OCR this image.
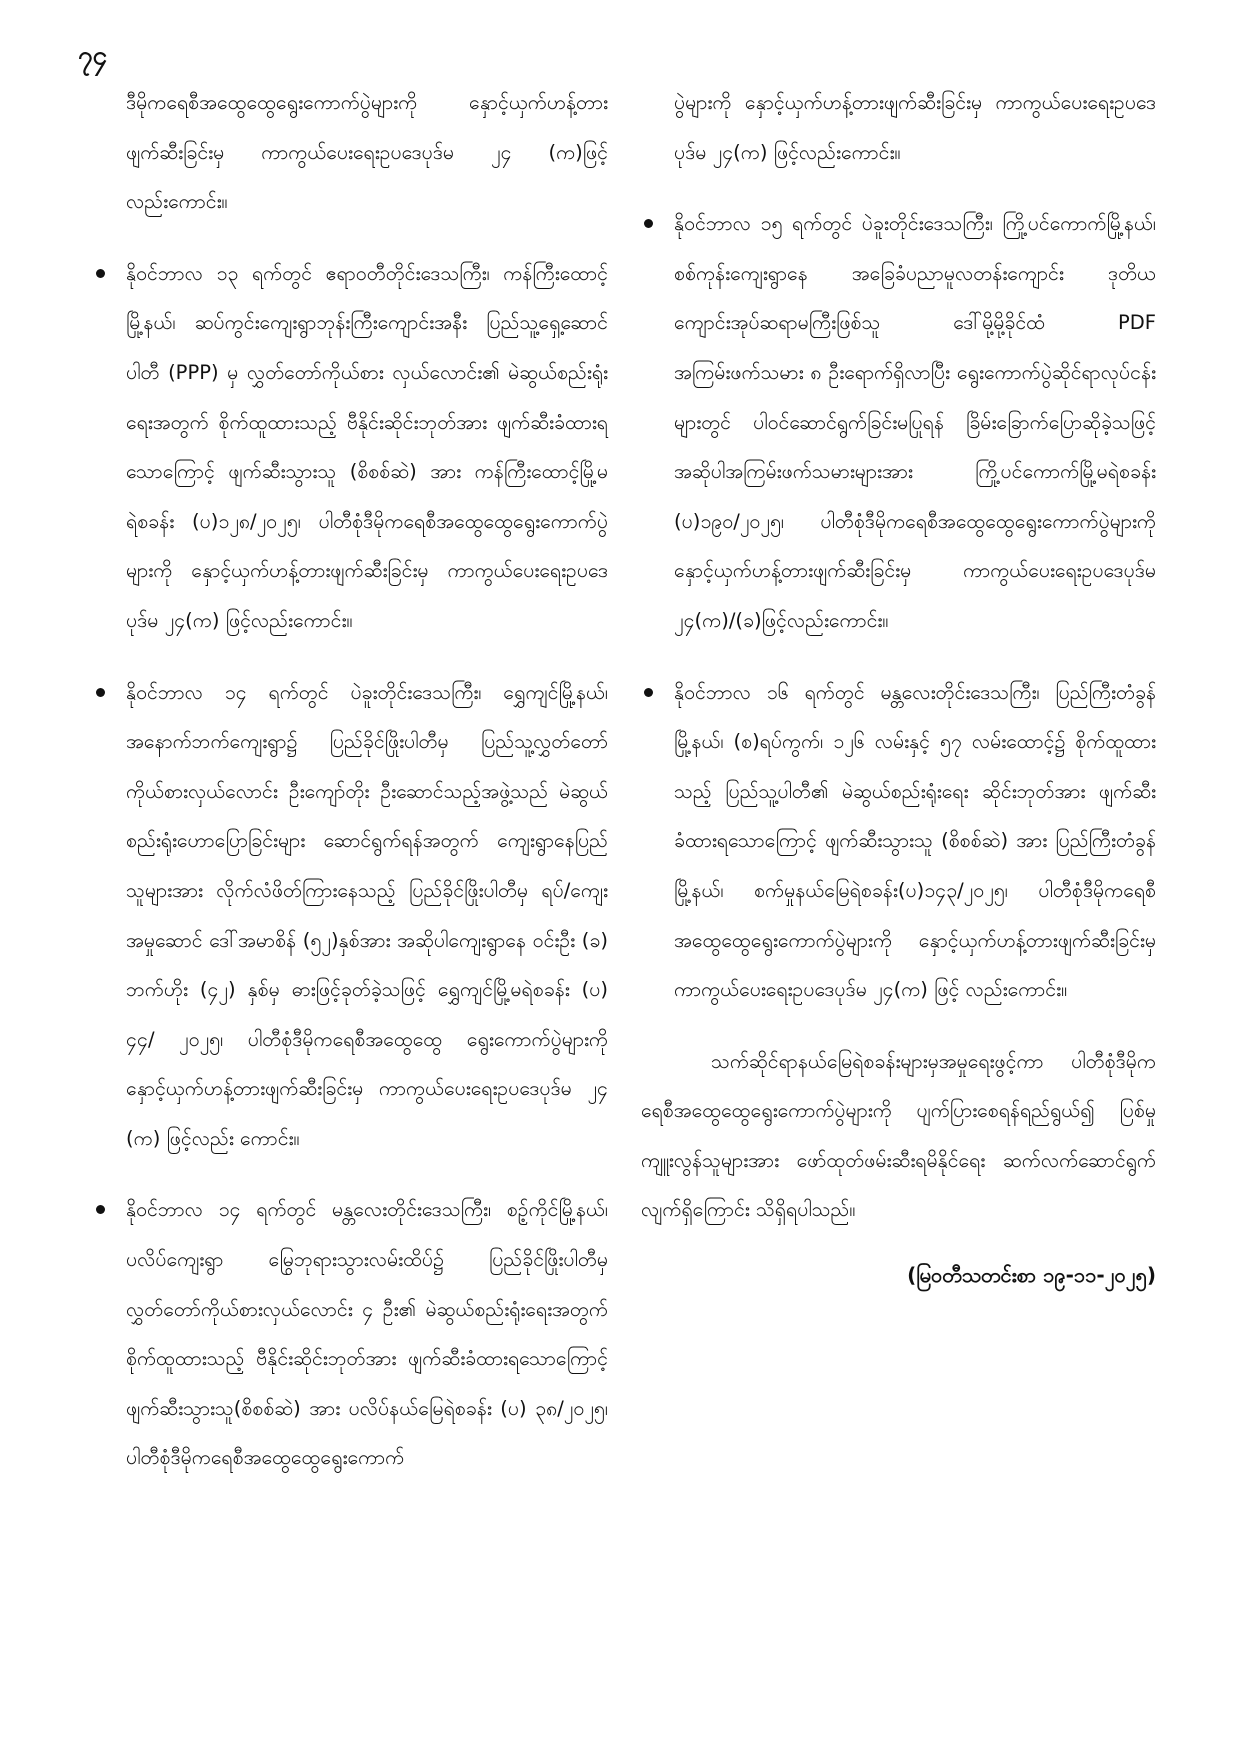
၇၄

ဒီမိုကရေစီအထွေထွေရွေးကောက်ပွဲများကို နှောင့်ယှက်ဟန့်တားဖျက်ဆီးခြင်းမှ ကာကွယ်ပေးရေးဥပဒေပုဒ်မ ၂၄ (က)ဖြင့်လည်းကောင်း။

နိုဝင်ဘာလ ၁၃ ရက်တွင် ဧရာဝတီတိုင်းဒေသကြီး၊ ကန်ကြီးထောင့်မြို့နယ်၊ ဆပ်ကွင်းကျေးရွာဘုန်းကြီးကျောင်းအနီး ပြည်သူ့ရှေ့ဆောင်ပါတီ (PPP) မှ လွှတ်တော်ကိုယ်စား လှယ်လောင်း၏ မဲဆွယ်စည်းရုံးရေးအတွက် စိုက်ထူထားသည့် ဗီနိုင်းဆိုင်းဘုတ်အား ဖျက်ဆီးခံထားရသောကြောင့် ဖျက်ဆီးသွားသူ (စိစစ်ဆဲ) အား ကန်ကြီးထောင့်မြို့မရဲစခန်း (ပ)၁၂၈/၂၀၂၅၊ ပါတီစုံဒီမိုကရေစီအထွေထွေရွေးကောက်ပွဲများကို နှောင့်ယှက်ဟန့်တားဖျက်ဆီးခြင်းမှ ကာကွယ်ပေးရေးဥပဒေပုဒ်မ ၂၄(က) ဖြင့်လည်းကောင်း။

နိုဝင်ဘာလ ၁၄ ရက်တွင် ပဲခူးတိုင်းဒေသကြီး၊ ရွှေကျင်မြို့နယ်၊ အနောက်ဘက်ကျေးရွာ၌ ပြည်ခိုင်ဖြိုးပါတီမှ ပြည်သူ့လွှတ်တော်ကိုယ်စားလှယ်လောင်း ဦးကျော်တိုး ဦးဆောင်သည့်အဖွဲ့သည် မဲဆွယ်စည်းရုံးဟောပြောခြင်းများ ဆောင်ရွက်ရန်အတွက် ကျေးရွာနေပြည်သူများအား လိုက်လံဖိတ်ကြားနေသည့် ပြည်ခိုင်ဖြိုးပါတီမှ ရပ်/ကျေးအမှုဆောင် ဒေါ်အမာစိန် (၅၂)နှစ်အား အဆိုပါကျေးရွာနေ ဝင်းဦး (ခ) ဘက်ဟိုး (၄၂) နှစ်မှ ဓားဖြင့်ခုတ်ခဲ့သဖြင့် ရွှေကျင်မြို့မရဲစခန်း (ပ) ၄၄/ ၂၀၂၅၊ ပါတီစုံဒီမိုကရေစီအထွေထွေ ရွေးကောက်ပွဲများကို နှောင့်ယှက်ဟန့်တားဖျက်ဆီးခြင်းမှ ကာကွယ်ပေးရေးဥပဒေပုဒ်မ ၂၄ (က) ဖြင့်လည်း ကောင်း။

နိုဝင်ဘာလ ၁၄ ရက်တွင် မန္တလေးတိုင်းဒေသကြီး၊ စဉ့်ကိုင်မြို့နယ်၊ ပလိပ်ကျေးရွာ မြွေဘုရားသွားလမ်းထိပ်၌ ပြည်ခိုင်ဖြိုးပါတီမှ လွှတ်တော်ကိုယ်စားလှယ်လောင်း ၄ ဦး၏ မဲဆွယ်စည်းရုံးရေးအတွက် စိုက်ထူထားသည့် ဗီနိုင်းဆိုင်းဘုတ်အား ဖျက်ဆီးခံထားရသောကြောင့် ဖျက်ဆီးသွားသူ(စိစစ်ဆဲ) အား ပလိပ်နယ်မြေရဲစခန်း (ပ) ၃၈/၂၀၂၅၊ ပါတီစုံဒီမိုကရေစီအထွေထွေရွေးကောက်

ပွဲများကို နှောင့်ယှက်ဟန့်တားဖျက်ဆီးခြင်းမှ ကာကွယ်ပေးရေးဥပဒေပုဒ်မ ၂၄(က) ဖြင့်လည်းကောင်း။

နိုဝင်ဘာလ ၁၅ ရက်တွင် ပဲခူးတိုင်းဒေသကြီး၊ ကြို့ပင်ကောက်မြို့နယ်၊ စစ်ကုန်းကျေးရွာနေ အခြေခံပညာမူလတန်းကျောင်း ဒုတိယကျောင်းအုပ်ဆရာမကြီးဖြစ်သူ ဒေါ်မို့မို့ခိုင်ထံ PDF အကြမ်းဖက်သမား ၈ ဦးရောက်ရှိလာပြီး ရွေးကောက်ပွဲဆိုင်ရာလုပ်ငန်းများတွင် ပါဝင်ဆောင်ရွက်ခြင်းမပြုရန် ခြိမ်းခြောက်ပြောဆိုခဲ့သဖြင့် အဆိုပါအကြမ်းဖက်သမားများအား ကြို့ပင်ကောက်မြို့မရဲစခန်း (ပ)၁၉၀/၂၀၂၅၊ ပါတီစုံဒီမိုကရေစီအထွေထွေရွေးကောက်ပွဲများကို နှောင့်ယှက်ဟန့်တားဖျက်ဆီးခြင်းမှ ကာကွယ်ပေးရေးဥပဒေပုဒ်မ ၂၄(က)/(ခ)ဖြင့်လည်းကောင်း။

နိုဝင်ဘာလ ၁၆ ရက်တွင် မန္တလေးတိုင်းဒေသကြီး၊ ပြည်ကြီးတံခွန်မြို့နယ်၊ (စ)ရပ်ကွက်၊ ၁၂၆ လမ်းနှင့် ၅၇ လမ်းထောင့်၌ စိုက်ထူထားသည့် ပြည်သူ့ပါတီ၏ မဲဆွယ်စည်းရုံးရေး ဆိုင်းဘုတ်အား ဖျက်ဆီးခံထားရသောကြောင့် ဖျက်ဆီးသွားသူ (စိစစ်ဆဲ) အား ပြည်ကြီးတံခွန်မြို့နယ်၊ စက်မှုနယ်မြေရဲစခန်း(ပ)၁၄၃/၂၀၂၅၊ ပါတီစုံဒီမိုကရေစီအထွေထွေရွေးကောက်ပွဲများကို နှောင့်ယှက်ဟန့်တားဖျက်ဆီးခြင်းမှ ကာကွယ်ပေးရေးဥပဒေပုဒ်မ ၂၄(က) ဖြင့် လည်းကောင်း။

သက်ဆိုင်ရာနယ်မြေရဲစခန်းများမှအမှုရေးဖွင့်ကာ ပါတီစုံဒီမိုကရေစီအထွေထွေရွေးကောက်ပွဲများကို ပျက်ပြားစေရန်ရည်ရွယ်၍ ပြစ်မှုကျူးလွန်သူများအား ဖော်ထုတ်ဖမ်းဆီးရမိနိုင်ရေး ဆက်လက်ဆောင်ရွက်လျက်ရှိကြောင်း သိရှိရပါသည်။

(မြဝတီသတင်းစာ ၁၉-၁၁-၂၀၂၅)
